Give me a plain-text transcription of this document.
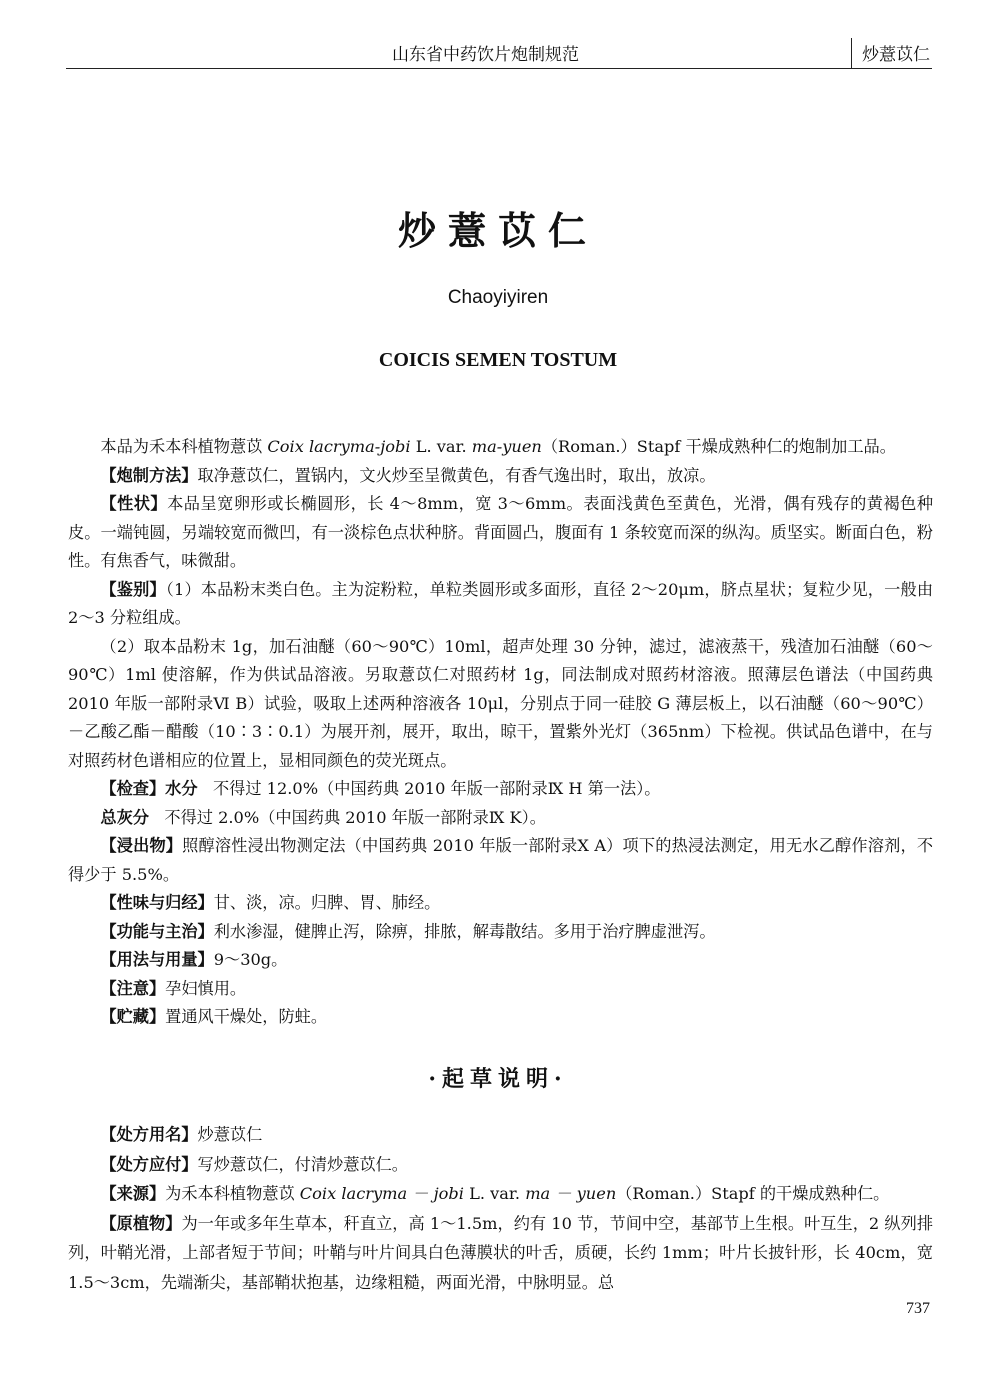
山东省中药饮片炮制规范	炒薏苡仁
炒薏苡仁
Chaoyiyiren
COICIS SEMEN TOSTUM

本品为禾本科植物薏苡 Coix lacryma-jobi L. var. ma-yuen（Roman.）Stapf 干燥成熟种仁的炮制加工品。

【炮制方法】取净薏苡仁，置锅内，文火炒至呈微黄色，有香气逸出时，取出，放凉。

【性状】本品呈宽卵形或长椭圆形，长 4～8mm，宽 3～6mm。表面浅黄色至黄色，光滑，偶有残存的黄褐色种皮。一端钝圆，另端较宽而微凹，有一淡棕色点状种脐。背面圆凸，腹面有 1 条较宽而深的纵沟。质坚实。断面白色，粉性。有焦香气，味微甜。

【鉴别】（1）本品粉末类白色。主为淀粉粒，单粒类圆形或多面形，直径 2～20μm，脐点星状；复粒少见，一般由 2～3 分粒组成。

（2）取本品粉末 1g，加石油醚（60～90℃）10ml，超声处理 30 分钟，滤过，滤液蒸干，残渣加石油醚（60～90℃）1ml 使溶解，作为供试品溶液。另取薏苡仁对照药材 1g，同法制成对照药材溶液。照薄层色谱法（中国药典 2010 年版一部附录Ⅵ B）试验，吸取上述两种溶液各 10μl，分别点于同一硅胶 G 薄层板上，以石油醚（60～90℃）－乙酸乙酯－醋酸（10∶3∶0.1）为展开剂，展开，取出，晾干，置紫外光灯（365nm）下检视。供试品色谱中，在与对照药材色谱相应的位置上，显相同颜色的荧光斑点。

【检查】水分 不得过 12.0%（中国药典 2010 年版一部附录Ⅸ H 第一法）。

总灰分 不得过 2.0%（中国药典 2010 年版一部附录Ⅸ K）。

【浸出物】照醇溶性浸出物测定法（中国药典 2010 年版一部附录Ⅹ A）项下的热浸法测定，用无水乙醇作溶剂，不得少于 5.5%。

【性味与归经】甘、淡，凉。归脾、胃、肺经。

【功能与主治】利水渗湿，健脾止泻，除痹，排脓，解毒散结。多用于治疗脾虚泄泻。

【用法与用量】9～30g。

【注意】孕妇慎用。

【贮藏】置通风干燥处，防蛀。

·起草说明·

【处方用名】炒薏苡仁

【处方应付】写炒薏苡仁，付清炒薏苡仁。

【来源】为禾本科植物薏苡 Coix lacryma － jobi L. var. ma － yuen（Roman.）Stapf 的干燥成熟种仁。

【原植物】为一年或多年生草本，秆直立，高 1～1.5m，约有 10 节，节间中空，基部节上生根。叶互生，2 纵列排列，叶鞘光滑，上部者短于节间；叶鞘与叶片间具白色薄膜状的叶舌，质硬，长约 1mm；叶片长披针形，长 40cm，宽 1.5～3cm，先端渐尖，基部鞘状抱基，边缘粗糙，两面光滑，中脉明显。总

737
